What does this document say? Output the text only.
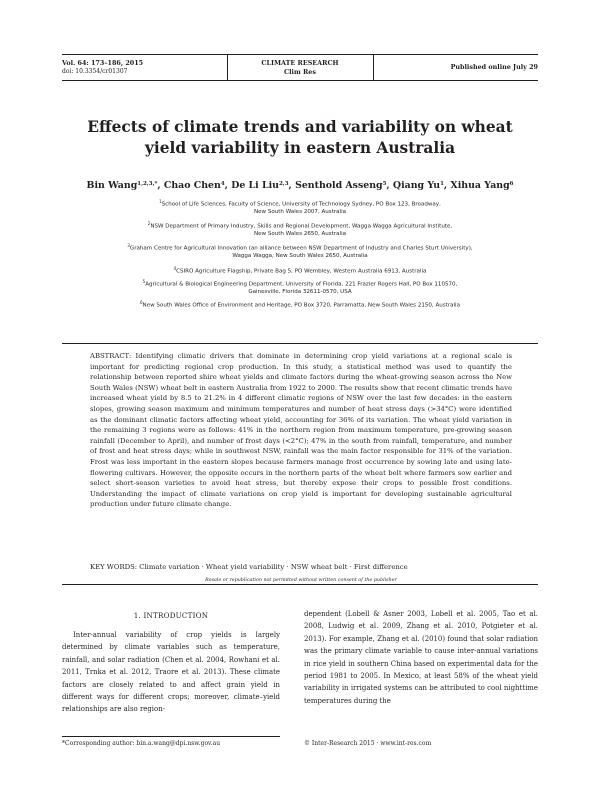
Vol. 64: 173–186, 2015
doi: 10.3354/cr01307
CLIMATE RESEARCH
Clim Res
Published online July 29
Effects of climate trends and variability on wheat
yield variability in eastern Australia
Bin Wang$^{1,2,3,*}$, Chao Chen$^4$, De Li Liu$^{2,3}$, Senthold Asseng$^5$, Qiang Yu$^1$, Xihua Yang$^6$
$^1$School of Life Sciences, Faculty of Science, University of Technology Sydney, PO Box 123, Broadway,
New South Wales 2007, Australia
$^2$NSW Department of Primary Industry, Skills and Regional Development, Wagga Wagga Agricultural Institute,
New South Wales 2650, Australia
$^3$Graham Centre for Agricultural Innovation (an alliance between NSW Department of Industry and Charles Sturt University),
Wagga Wagga, New South Wales 2650, Australia
$^4$CSIRO Agriculture Flagship, Private Bag 5, PO Wembley, Western Australia 6913, Australia
$^5$Agricultural & Biological Engineering Department, University of Florida, 221 Frazier Rogers Hall, PO Box 110570,
Gainesville, Florida 32611-0570, USA
$^6$New South Wales Office of Environment and Heritage, PO Box 3720, Parramatta, New South Wales 2150, Australia
ABSTRACT: Identifying climatic drivers that dominate in determining crop yield variations at a regional scale is important for predicting regional crop production. In this study, a statistical method was used to quantify the relationship between reported shire wheat yields and climate factors during the wheat-growing season across the New South Wales (NSW) wheat belt in eastern Australia from 1922 to 2000. The results show that recent climatic trends have increased wheat yield by 8.5 to 21.2% in 4 different climatic regions of NSW over the last few decades: in the eastern slopes, growing season maximum and minimum temperatures and number of heat stress days (>34°C) were identified as the dominant climatic factors affecting wheat yield, accounting for 36% of its variation. The wheat yield variation in the remaining 3 regions were as follows: 41% in the northern region from maximum temperature, pre-growing season rainfall (December to April), and number of frost days (<2°C); 47% in the south from rainfall, temperature, and number of frost and heat stress days; while in southwest NSW, rainfall was the main factor responsible for 31% of the variation. Frost was less important in the eastern slopes because farmers manage frost occurrence by sowing late and using late-flowering cultivars. However, the opposite occurs in the northern parts of the wheat belt where farmers sow earlier and select short-season varieties to avoid heat stress, but thereby expose their crops to possible frost conditions. Understanding the impact of climate variations on crop yield is important for developing sustainable agricultural production under future climate change.
KEY WORDS: Climate variation · Wheat yield variability · NSW wheat belt · First difference
Resale or republication not permitted without written consent of the publisher
1. INTRODUCTION

Inter-annual variability of crop yields is largely determined by climate variables such as temperature, rainfall, and solar radiation (Chen et al. 2004, Rowhani et al. 2011, Trnka et al. 2012, Traore et al. 2013). These climate factors are closely related to and affect grain yield in different ways for different crops; moreover, climate–yield relationships are also region-

dependent (Lobell & Asner 2003, Lobell et al. 2005, Tao et al. 2008, Ludwig et al. 2009, Zhang et al. 2010, Potgieter et al. 2013). For example, Zhang et al. (2010) found that solar radiation was the primary climate variable to cause inter-annual variations in rice yield in southern China based on experimental data for the period 1981 to 2005. In Mexico, at least 58% of the wheat yield variability in irrigated systems can be attributed to cool nighttime temperatures during the

*Corresponding author: bin.a.wang@dpi.nsw.gov.au	© Inter-Research 2015 · www.int-res.com
